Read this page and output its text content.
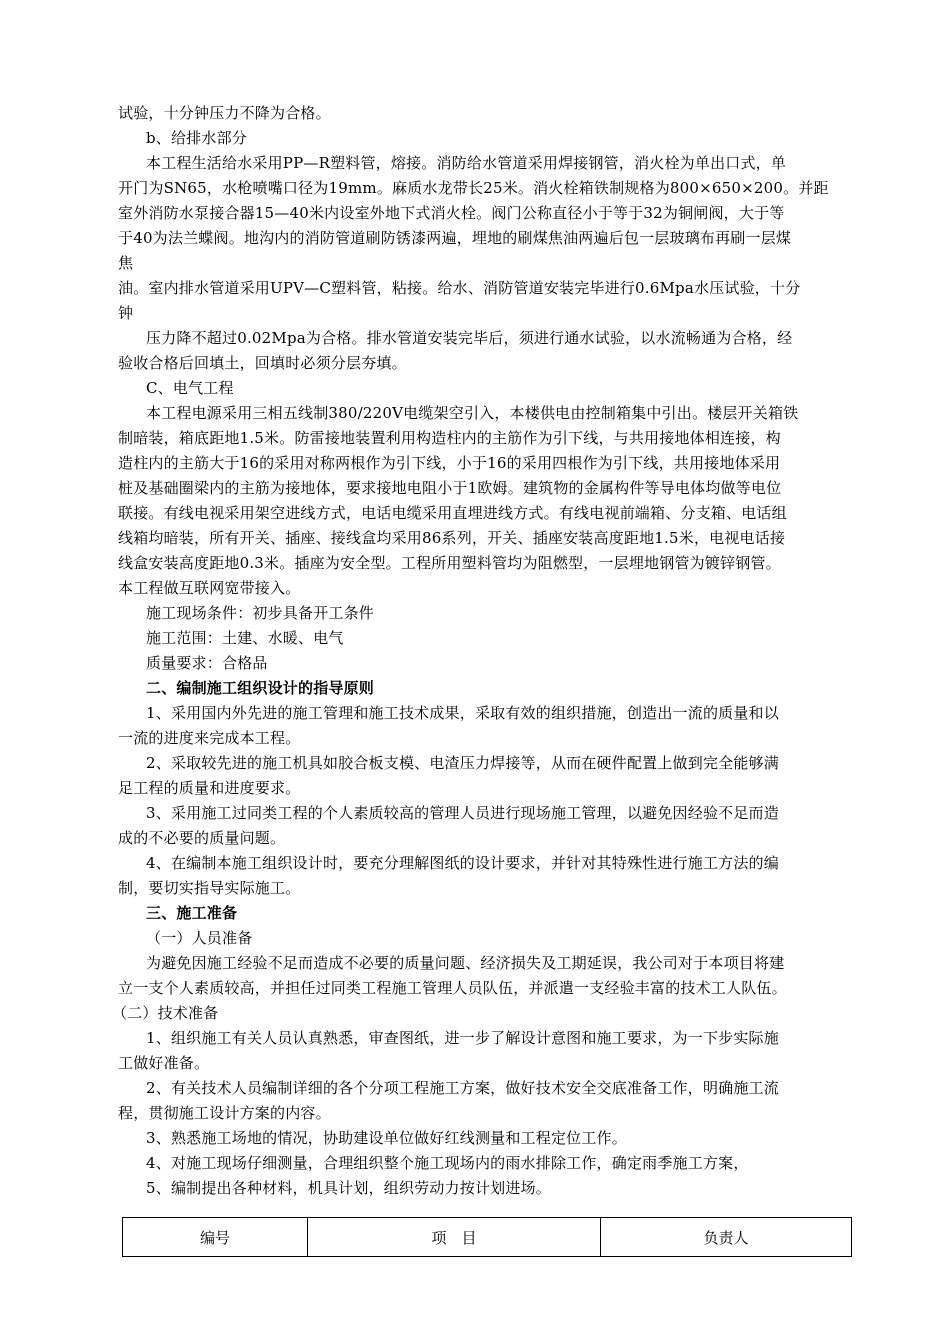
试验，十分钟压力不降为合格。
b、给排水部分
本工程生活给水采用PP—R塑料管，熔接。消防给水管道采用焊接钢管，消火栓为单出口式，单
开门为SN65，水枪喷嘴口径为19mm。麻质水龙带长25米。消火栓箱铁制规格为800×650×200。并距
室外消防水泵接合器15—40米内设室外地下式消火栓。阀门公称直径小于等于32为铜闸阀，大于等
于40为法兰蝶阀。地沟内的消防管道刷防锈漆两遍，埋地的刷煤焦油两遍后包一层玻璃布再刷一层煤
焦
油。室内排水管道采用UPV—C塑料管，粘接。给水、消防管道安装完毕进行0.6Mpa水压试验，十分
钟
压力降不超过0.02Mpa为合格。排水管道安装完毕后，须进行通水试验，以水流畅通为合格，经
验收合格后回填土，回填时必须分层夯填。
C、电气工程
本工程电源采用三相五线制380/220V电缆架空引入，本楼供电由控制箱集中引出。楼层开关箱铁
制暗装，箱底距地1.5米。防雷接地装置利用构造柱内的主筋作为引下线，与共用接地体相连接，构
造柱内的主筋大于16的采用对称两根作为引下线，小于16的采用四根作为引下线，共用接地体采用
桩及基础圈梁内的主筋为接地体，要求接地电阻小于1欧姆。建筑物的金属构件等导电体均做等电位
联接。有线电视采用架空进线方式，电话电缆采用直埋进线方式。有线电视前端箱、分支箱、电话组
线箱均暗装，所有开关、插座、接线盒均采用86系列，开关、插座安装高度距地1.5米，电视电话接
线盒安装高度距地0.3米。插座为安全型。工程所用塑料管均为阻燃型，一层埋地钢管为镀锌钢管。
本工程做互联网宽带接入。
施工现场条件：初步具备开工条件
施工范围：土建、水暖、电气
质量要求：合格品
二、编制施工组织设计的指导原则
1、采用国内外先进的施工管理和施工技术成果，采取有效的组织措施，创造出一流的质量和以
一流的进度来完成本工程。
2、采取较先进的施工机具如胶合板支模、电渣压力焊接等，从而在硬件配置上做到完全能够满
足工程的质量和进度要求。
3、采用施工过同类工程的个人素质较高的管理人员进行现场施工管理，以避免因经验不足而造
成的不必要的质量问题。
4、在编制本施工组织设计时，要充分理解图纸的设计要求，并针对其特殊性进行施工方法的编
制，要切实指导实际施工。
三、施工准备
（一）人员准备
为避免因施工经验不足而造成不必要的质量问题、经济损失及工期延误，我公司对于本项目将建
立一支个人素质较高，并担任过同类工程施工管理人员队伍，并派遣一支经验丰富的技术工人队伍。
（二）技术准备
1、组织施工有关人员认真熟悉，审查图纸，进一步了解设计意图和施工要求，为一下步实际施
工做好准备。
2、有关技术人员编制详细的各个分项工程施工方案，做好技术安全交底准备工作，明确施工流
程，贯彻施工设计方案的内容。
3、熟悉施工场地的情况，协助建设单位做好红线测量和工程定位工作。
4、对施工现场仔细测量，合理组织整个施工现场内的雨水排除工作，确定雨季施工方案，
5、编制提出各种材料，机具计划，组织劳动力按计划进场。
编号	项　目	负责人
